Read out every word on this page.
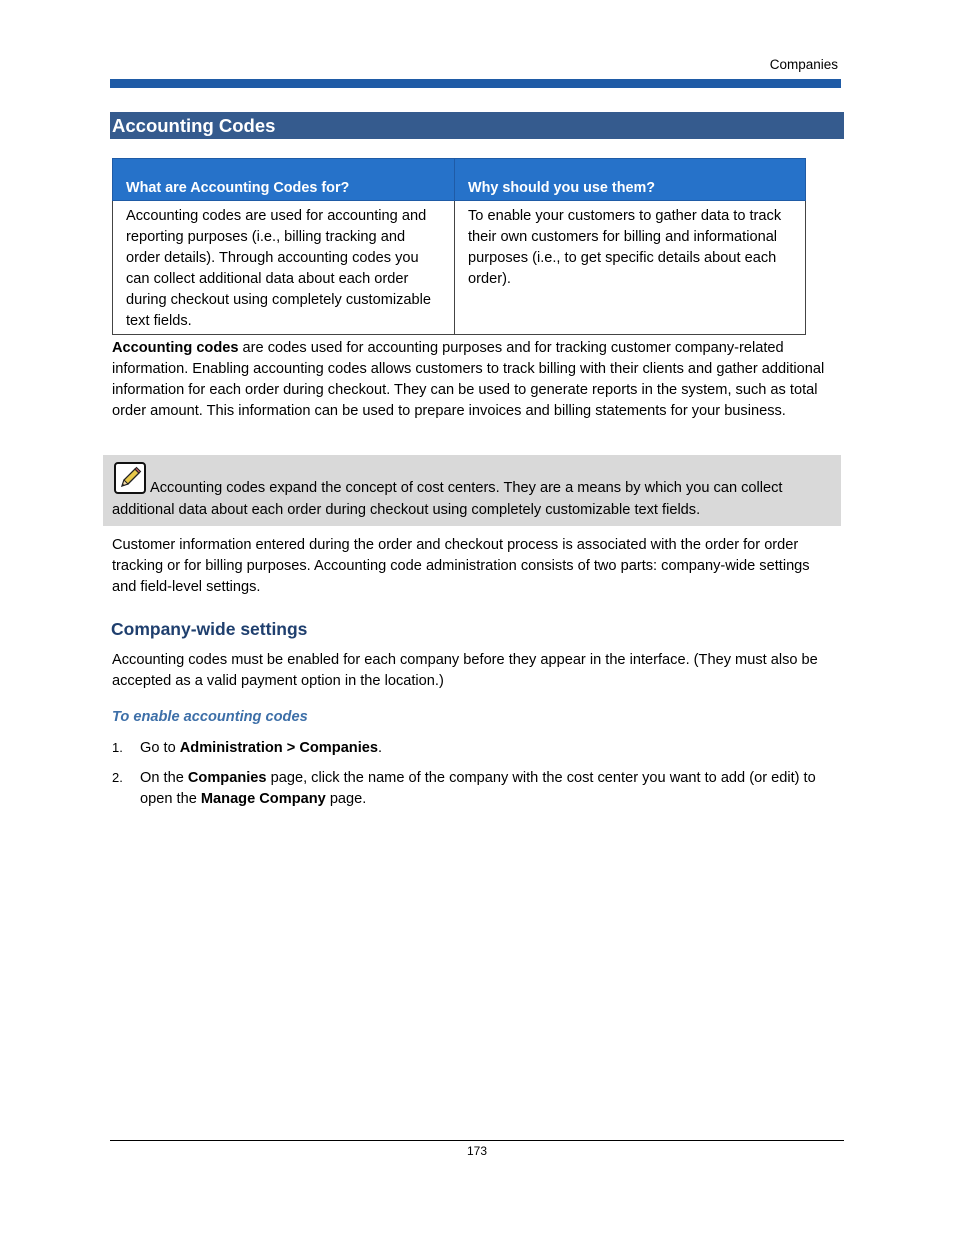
Companies
Accounting Codes
What are Accounting Codes for?	Why should you use them?
Accounting codes are used for accounting and reporting purposes (i.e., billing tracking and order details). Through accounting codes you can collect additional data about each order during checkout using completely customizable text fields.	To enable your customers to gather data to track their own customers for billing and informational purposes (i.e., to get specific details about each order).
Accounting codes are codes used for accounting purposes and for tracking customer company-related information. Enabling accounting codes allows customers to track billing with their clients and gather additional information for each order during checkout. They can be used to generate reports in the system, such as total order amount. This information can be used to prepare invoices and billing statements for your business.
Accounting codes expand the concept of cost centers. They are a means by which you can collect additional data about each order during checkout using completely customizable text fields.
Customer information entered during the order and checkout process is associated with the order for order tracking or for billing purposes. Accounting code administration consists of two parts: company-wide settings and field-level settings.
Company-wide settings
Accounting codes must be enabled for each company before they appear in the interface. (They must also be accepted as a valid payment option in the location.)
To enable accounting codes
1. Go to Administration > Companies.
2. On the Companies page, click the name of the company with the cost center you want to add (or edit) to open the Manage Company page.
173
